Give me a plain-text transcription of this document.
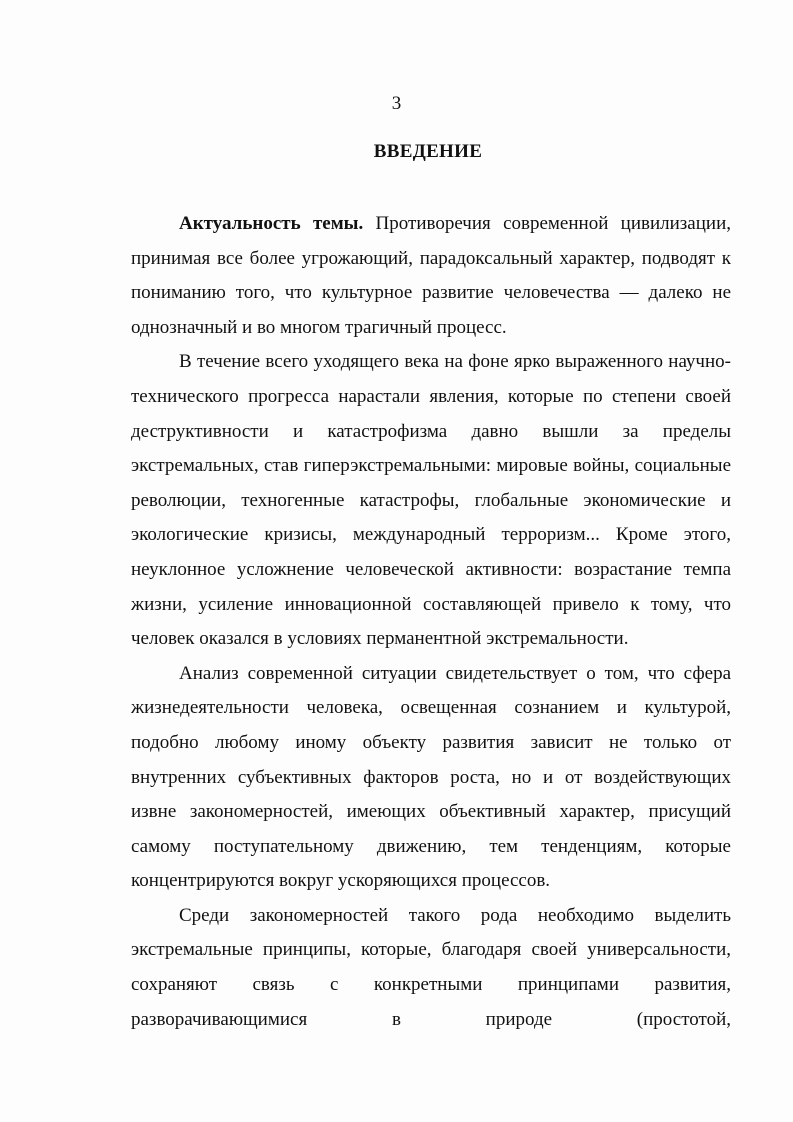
3
ВВЕДЕНИЕ

Актуальность темы. Противоречия современной цивилизации, принимая все более угрожающий, парадоксальный характер, подводят к пониманию того, что культурное развитие человечества — далеко не однозначный и во многом трагичный процесс.

В течение всего уходящего века на фоне ярко выраженного научно-технического прогресса нарастали явления, которые по степени своей деструктивности и катастрофизма давно вышли за пределы экстремальных, став гиперэкстремальными: мировые войны, социальные революции, техногенные катастрофы, глобальные экономические и экологические кризисы, международный терроризм... Кроме этого, неуклонное усложнение человеческой активности: возрастание темпа жизни, усиление инновационной составляющей привело к тому, что человек оказался в условиях перманентной экстремальности.

Анализ современной ситуации свидетельствует о том, что сфера жизнедеятельности человека, освещенная сознанием и культурой, подобно любому иному объекту развития зависит не только от внутренних субъективных факторов роста, но и от воздействующих извне закономерностей, имеющих объективный характер, присущий самому поступательному движению, тем тенденциям, которые концентрируются вокруг ускоряющихся процессов.

Среди закономерностей такого рода необходимо выделить экстремальные принципы, которые, благодаря своей универсальности, сохраняют связь с конкретными принципами развития, разворачивающимися в природе (простотой,
